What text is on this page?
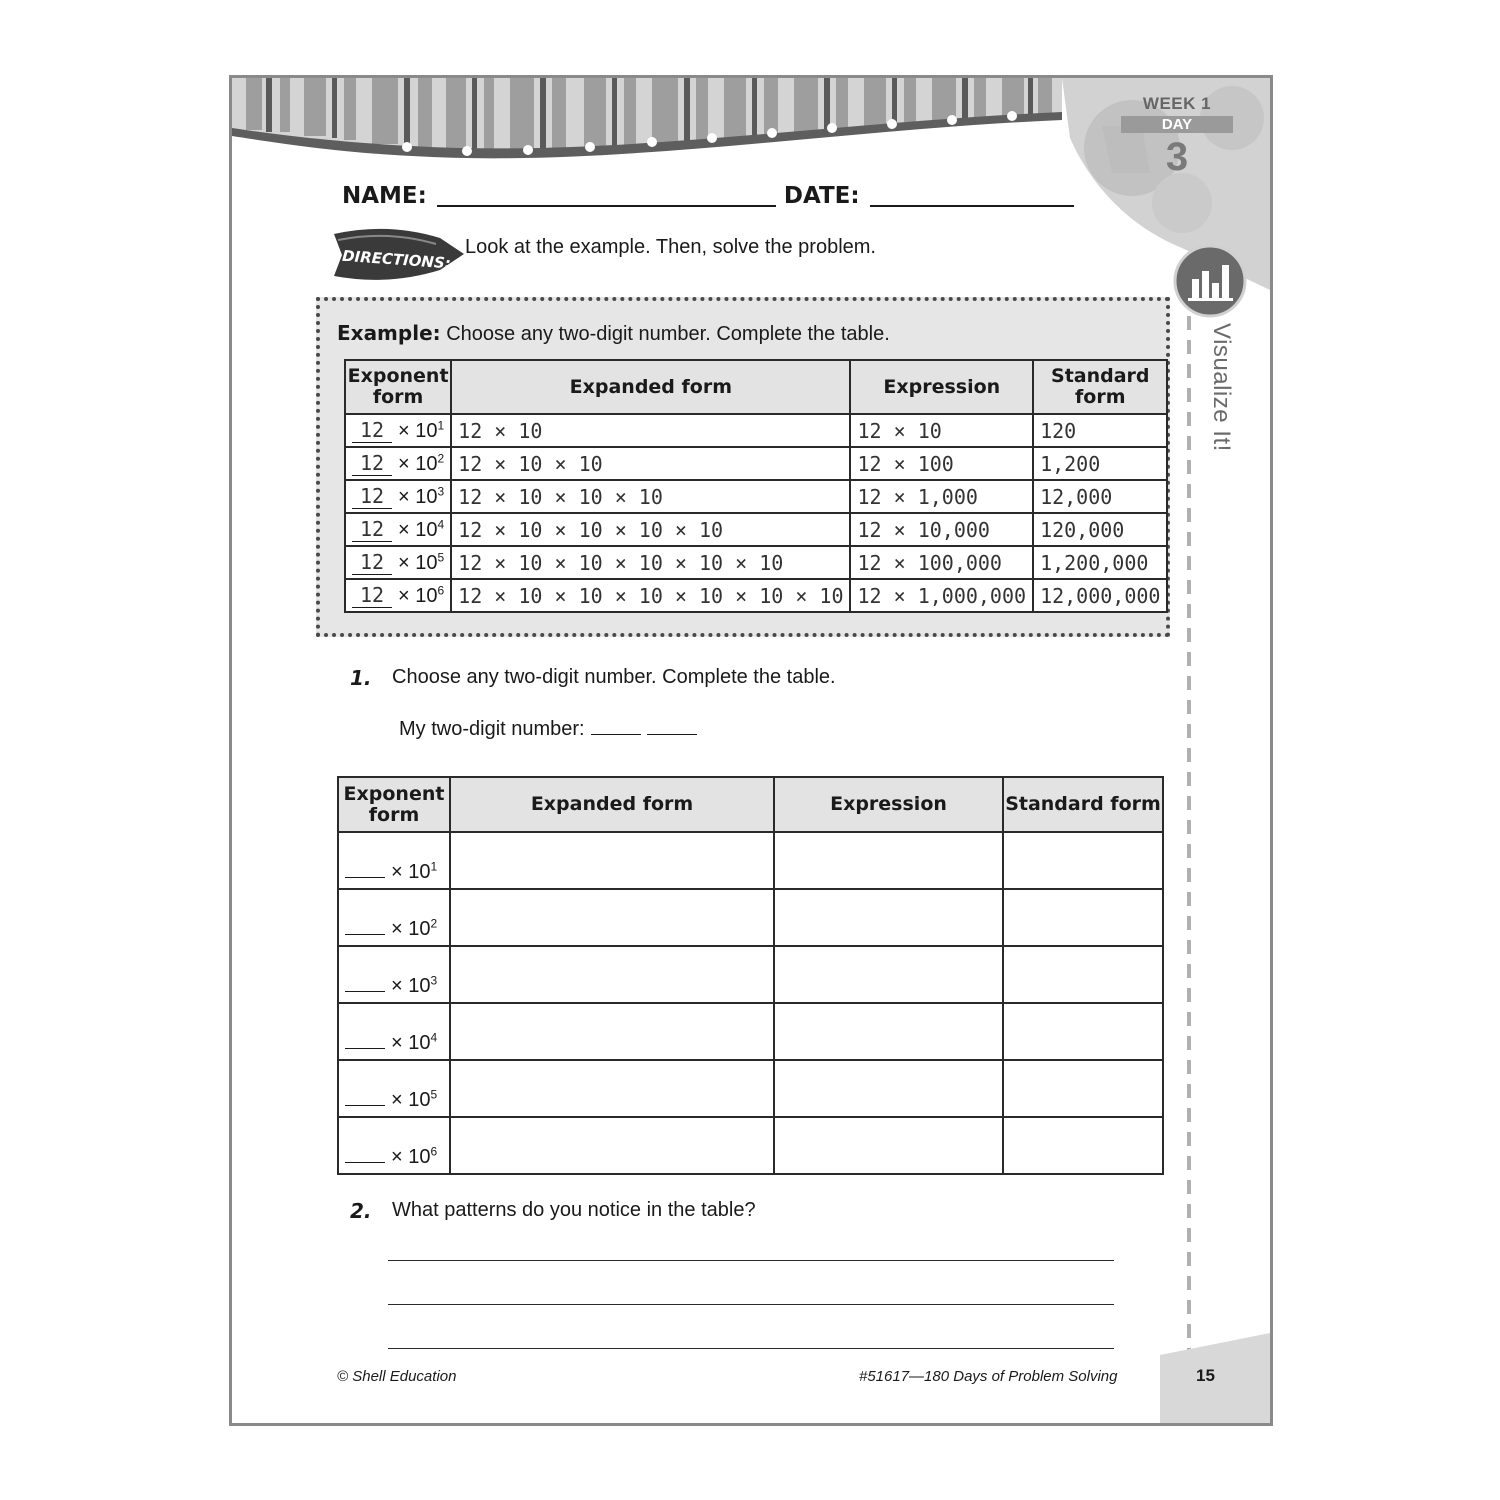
WEEK 1
DAY
3
Visualize It!
NAME:	DATE:
DIRECTIONS: Look at the example. Then, solve the problem.
Example: Choose any two-digit number. Complete the table.
Exponent form	Expanded form	Expression	Standard form
$12 \times 10^1$	12 × 10	12 × 10	120
$12 \times 10^2$	12 × 10 × 10	12 × 100	1,200
$12 \times 10^3$	12 × 10 × 10 × 10	12 × 1,000	12,000
$12 \times 10^4$	12 × 10 × 10 × 10 × 10	12 × 10,000	120,000
$12 \times 10^5$	12 × 10 × 10 × 10 × 10 × 10	12 × 100,000	1,200,000
$12 \times 10^6$	12 × 10 × 10 × 10 × 10 × 10 × 10	12 × 1,000,000	12,000,000
1. Choose any two-digit number. Complete the table.
My two-digit number:
Exponent form	Expanded form	Expression	Standard form
× $10^1$			
× $10^2$			
× $10^3$			
× $10^4$			
× $10^5$			
× $10^6$			
2. What patterns do you notice in the table?
© Shell Education	#51617—180 Days of Problem Solving	15
